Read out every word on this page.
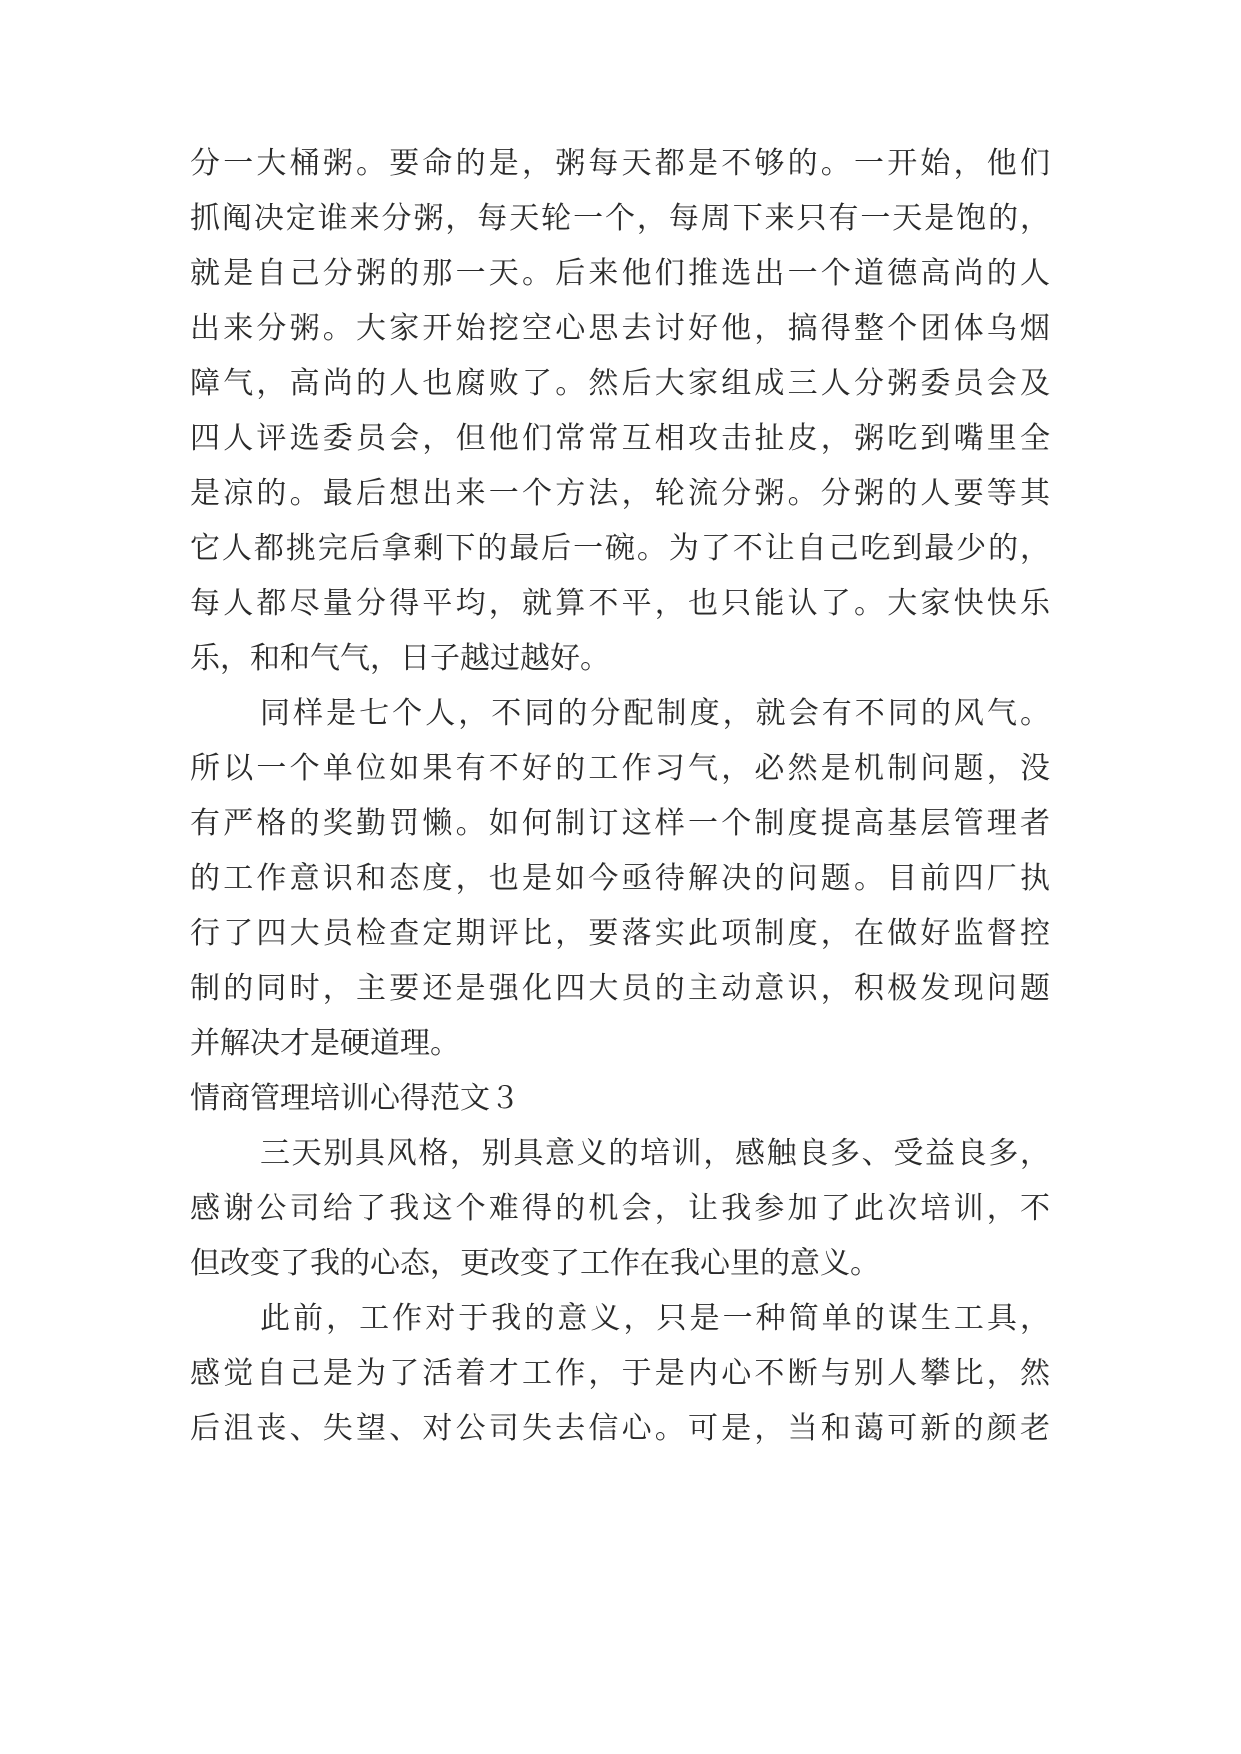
分一大桶粥。要命的是，粥每天都是不够的。一开始，他们
抓阄决定谁来分粥，每天轮一个，每周下来只有一天是饱的，
就是自己分粥的那一天。后来他们推选出一个道德高尚的人
出来分粥。大家开始挖空心思去讨好他，搞得整个团体乌烟
障气，高尚的人也腐败了。然后大家组成三人分粥委员会及
四人评选委员会，但他们常常互相攻击扯皮，粥吃到嘴里全
是凉的。最后想出来一个方法，轮流分粥。分粥的人要等其
它人都挑完后拿剩下的最后一碗。为了不让自己吃到最少的，
每人都尽量分得平均，就算不平，也只能认了。大家快快乐
乐，和和气气，日子越过越好。
同样是七个人，不同的分配制度，就会有不同的风气。
所以一个单位如果有不好的工作习气，必然是机制问题，没
有严格的奖勤罚懒。如何制订这样一个制度提高基层管理者
的工作意识和态度，也是如今亟待解决的问题。目前四厂执
行了四大员检查定期评比，要落实此项制度，在做好监督控
制的同时，主要还是强化四大员的主动意识，积极发现问题
并解决才是硬道理。
情商管理培训心得范文３
三天别具风格，别具意义的培训，感触良多、受益良多，
感谢公司给了我这个难得的机会，让我参加了此次培训，不
但改变了我的心态，更改变了工作在我心里的意义。
此前，工作对于我的意义，只是一种简单的谋生工具，
感觉自己是为了活着才工作，于是内心不断与别人攀比，然
后沮丧、失望、对公司失去信心。可是，当和蔼可新的颜老
